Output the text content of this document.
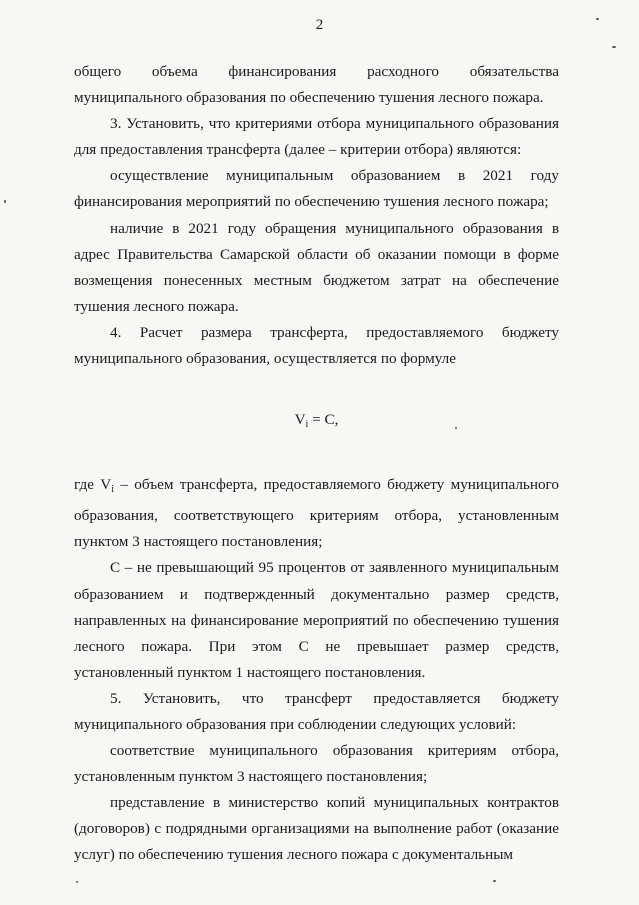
2

общего объема финансирования расходного обязательства муниципального образования по обеспечению тушения лесного пожара.

3. Установить, что критериями отбора муниципального образования для предоставления трансферта (далее – критерии отбора) являются:

осуществление муниципальным образованием в 2021 году финансирования мероприятий по обеспечению тушения лесного пожара;

наличие в 2021 году обращения муниципального образования в адрес Правительства Самарской области об оказании помощи в форме возмещения понесенных местным бюджетом затрат на обеспечение тушения лесного пожара.

4. Расчет размера трансферта, предоставляемого бюджету муниципального образования, осуществляется по формуле

$V_i = C$,

где Vi – объем трансферта, предоставляемого бюджету муниципального образования, соответствующего критериям отбора, установленным пунктом 3 настоящего постановления;

С – не превышающий 95 процентов от заявленного муниципальным образованием и подтвержденный документально размер средств, направленных на финансирование мероприятий по обеспечению тушения лесного пожара. При этом С не превышает размер средств, установленный пунктом 1 настоящего постановления.

5. Установить, что трансферт предоставляется бюджету муниципального образования при соблюдении следующих условий:

соответствие муниципального образования критериям отбора, установленным пунктом 3 настоящего постановления;

представление в министерство копий муниципальных контрактов (договоров) с подрядными организациями на выполнение работ (оказание услуг) по обеспечению тушения лесного пожара с документальным
